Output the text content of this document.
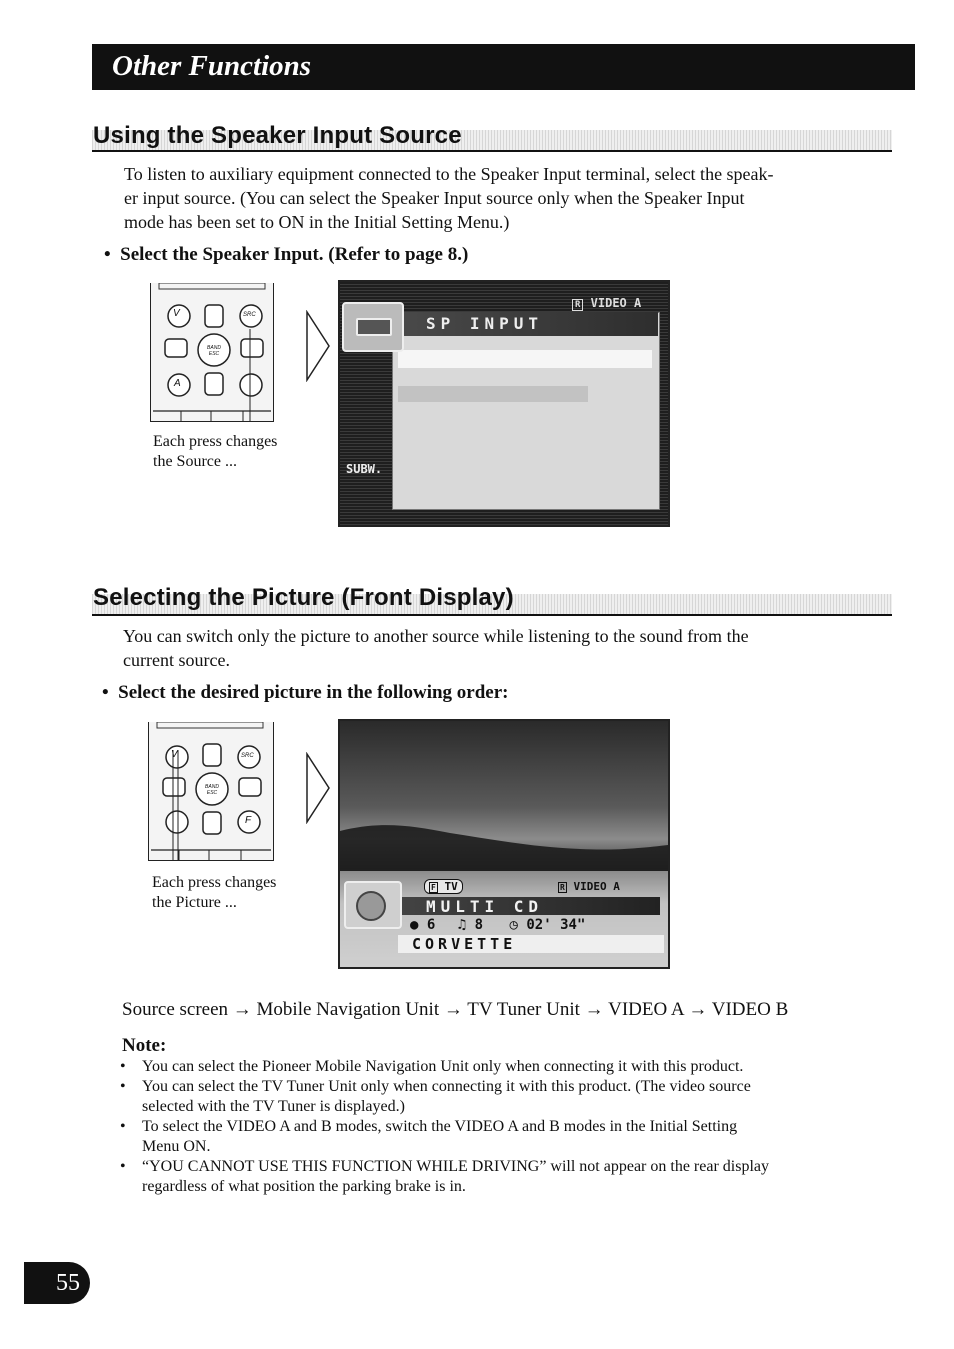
Other Functions
Using the Speaker Input Source
To listen to auxiliary equipment connected to the Speaker Input terminal, select the speak-
er input source. (You can select the Speaker Input source only when the Speaker Input
mode has been set to ON in the Initial Setting Menu.)
•  Select the Speaker Input. (Refer to page 8.)
V	SRC
BAND ESC
A
Each press changes
the Source ...
SP INPUT
R VIDEO A
SUBW.
Selecting the Picture (Front Display)
You can switch only the picture to another source while listening to the sound from the
current source.
•  Select the desired picture in the following order:
V	SRC
BAND ESC
F
Each press changes
the Picture ...	MULTI CD
F TV	R VIDEO A
● 6 ♫ 8 ◷ 02' 34"
CORVETTE
Source screen → Mobile Navigation Unit → TV Tuner Unit → VIDEO A → VIDEO B
Note:
• You can select the Pioneer Mobile Navigation Unit only when connecting it with this product.
• You can select the TV Tuner Unit only when connecting it with this product. (The video source
selected with the TV Tuner is displayed.)
• To select the VIDEO A and B modes, switch the VIDEO A and B modes in the Initial Setting
Menu ON.
• “YOU CANNOT USE THIS FUNCTION WHILE DRIVING” will not appear on the rear display
regardless of what position the parking brake is in.
55
